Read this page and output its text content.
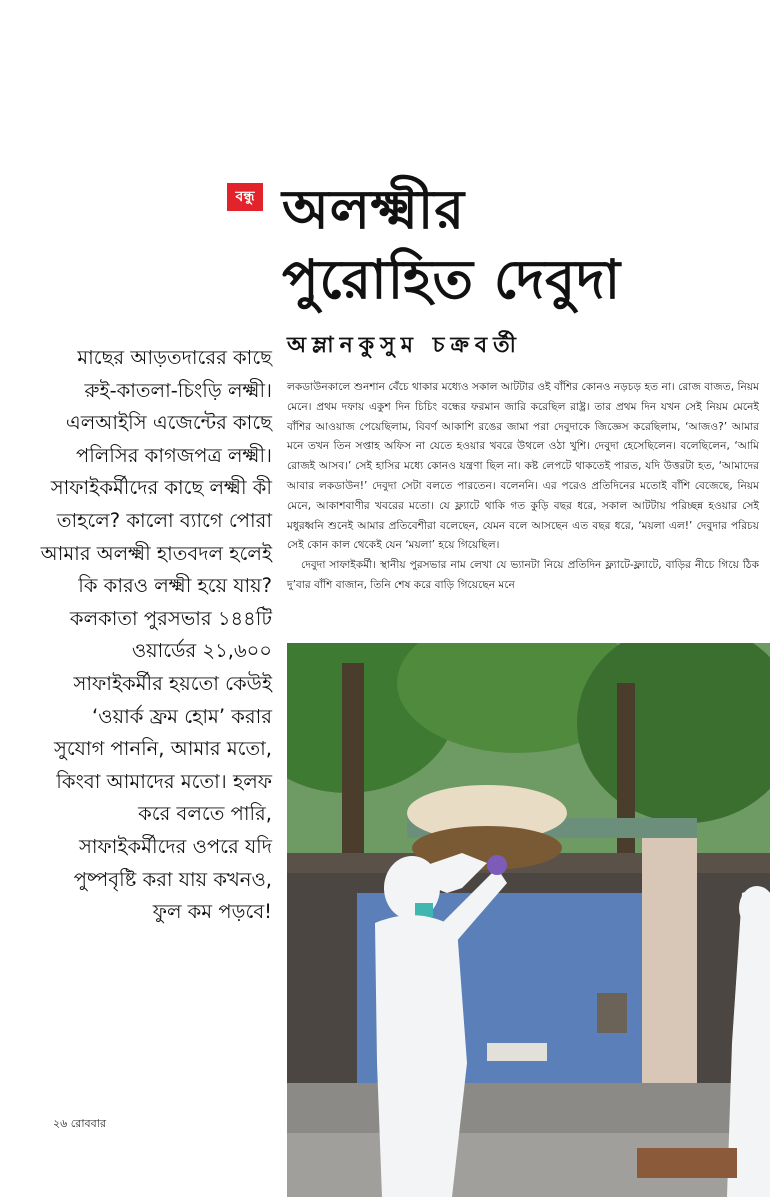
বন্ধু অলক্ষ্মীর
পুরোহিত দেবুদা
অম্লানকুসুম চক্রবর্তী
মাছের আড়তদারের কাছে রুই-কাতলা-চিংড়ি লক্ষ্মী। এলআইসি এজেন্টের কাছে পলিসির কাগজপত্র লক্ষ্মী। সাফাইকর্মীদের কাছে লক্ষ্মী কী তাহলে? কালো ব্যাগে পোরা আমার অলক্ষ্মী হাতবদল হলেই কি কারও লক্ষ্মী হয়ে যায়? কলকাতা পুরসভার ১৪৪টি ওয়ার্ডের ২১,৬০০ সাফাইকর্মীর হয়তো কেউই ‘ওয়ার্ক ফ্রম হোম’ করার সুযোগ পাননি, আমার মতো, কিংবা আমাদের মতো। হলফ করে বলতে পারি, সাফাইকর্মীদের ওপরে যদি পুষ্পবৃষ্টি করা যায় কখনও, ফুল কম পড়বে!

লকডাউনকালে শুনশান বেঁচে থাকার মধ্যেও সকাল আটটার ওই বাঁশির কোনও নড়চড় হত না। রোজ বাজত, নিয়ম মেনে। প্রথম দফায় একুশ দিন চিচিং বন্ধের ফরমান জারি করেছিল রাষ্ট্র। তার প্রথম দিন যখন সেই নিয়ম মেনেই বাঁশির আওয়াজ পেয়েছিলাম, বিবর্ণ আকাশি রঙের জামা পরা দেবুদাকে জিজ্ঞেস করেছিলাম, ‘আজও?’ আমার মনে তখন তিন সপ্তাহ অফিস না যেতে হওয়ার খবরে উথলে ওঠা খুশি। দেবুদা হেসেছিলেন। বলেছিলেন, ‘আমি রোজই আসব।’ সেই হাসির মধ্যে কোনও যন্ত্রণা ছিল না। কষ্ট লেপটে থাকতেই পারত, যদি উত্তরটা হত, ‘আমাদের আবার লকডাউন!’ দেবুদা সেটা বলতে পারতেন। বলেননি। এর পরেও প্রতিদিনের মতোই বাঁশি বেজেছে, নিয়ম মেনে, আকাশবাণীর খবরের মতো। যে ফ্ল্যাটে থাকি গত কুড়ি বছর ধরে, সকাল আটটায় পরিচ্ছন্ন হওয়ার সেই মধুরধ্বনি শুনেই আমার প্রতিবেশীরা বলেছেন, যেমন বলে আসছেন এত বছর ধরে, ‘ময়লা এল!’ দেবুদার পরিচয় সেই কোন কাল থেকেই যেন ‘ময়লা’ হয়ে গিয়েছিল।

দেবুদা সাফাইকর্মী। স্থানীয় পুরসভার নাম লেখা যে ভ্যানটা নিয়ে প্রতিদিন ফ্ল্যাটে-ফ্ল্যাটে, বাড়ির নীচে গিয়ে ঠিক দু’বার বাঁশি বাজান, তিনি শেষ করে বাড়ি গিয়েছেন মনে

২৬ রোববার
